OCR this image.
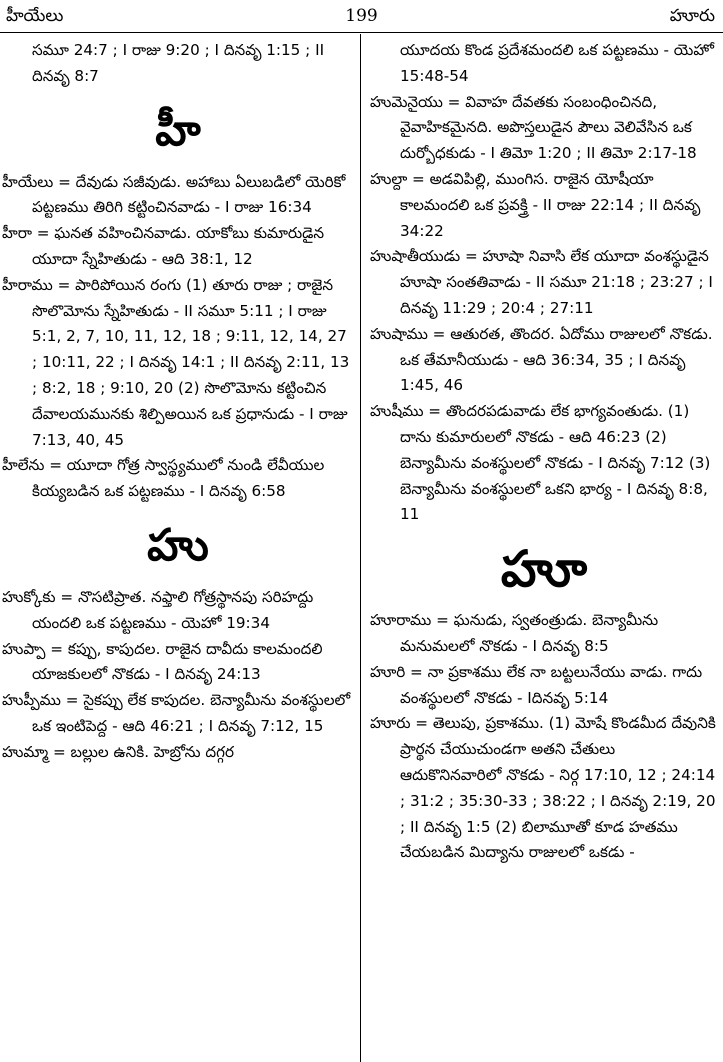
హీయేలు	199	హూరు

సమూ 24:7 ; I రాజు 9:20 ; I దినవృ 1:15 ; II దినవృ 8:7

హీ

హీయేలు = దేవుడు సజీవుడు. అహాబు ఏలుబడిలో యెరికో పట్టణము తిరిగి కట్టించినవాడు - I రాజు 16:34

హీరా = ఘనత వహించినవాడు. యాకోబు కుమారుడైన యూదా స్నేహితుడు - ఆది 38:1, 12

హీరాము = పారిపోయిన రంగు (1) తూరు రాజు ; రాజైన సొలొమోను స్నేహితుడు - II సమూ 5:11 ; I రాజు 5:1, 2, 7, 10, 11, 12, 18 ; 9:11, 12, 14, 27 ; 10:11, 22 ; I దినవృ 14:1 ; II దినవృ 2:11, 13 ; 8:2, 18 ; 9:10, 20 (2) సొలొమోను కట్టించిన దేవాలయమునకు శిల్పిఅయిన ఒక ప్రధానుడు - I రాజు 7:13, 40, 45

హీలేను = యూదా గోత్ర స్వాస్థ్యములో నుండి లేవీయుల కియ్యబడిన ఒక పట్టణము - I దినవృ 6:58

హు

హుక్కోకు = నొసటిప్రాత. నఫ్తాలి గోత్రస్థానపు సరిహద్దు యందలి ఒక పట్టణము - యెహో 19:34

హుప్పా = కప్పు, కాపుదల. రాజైన దావీదు కాలమందలి యాజకులలో నొకడు - I దినవృ 24:13

హుప్పీము = సైకప్పు లేక కాపుదల. బెన్యామీను వంశస్థులలో ఒక ఇంటిపెద్ద - ఆది 46:21 ; I దినవృ 7:12, 15

హుమ్మా = బల్లుల ఉనికి. హెబ్రోను దగ్గర

యూదయ కొండ ప్రదేశమందలి ఒక పట్టణము - యెహో 15:48-54

హుమెనైయు = వివాహ దేవతకు సంబంధించినది, వైవాహికమైనది. అపొస్తలుడైన పౌలు వెలివేసిన ఒక దుర్బోధకుడు - I తిమో 1:20 ; II తిమో 2:17-18

హుల్దా = అడవిపిల్లి, ముంగిస. రాజైన యోషీయా కాలమందలి ఒక ప్రవక్త్రి - II రాజు 22:14 ; II దినవృ 34:22

హుషాతీయుడు = హూషా నివాసి లేక యూదా వంశస్థుడైన హూషా సంతతివాడు - II సమూ 21:18 ; 23:27 ; I దినవృ 11:29 ; 20:4 ; 27:11

హుషాము = ఆతురత, తొందర. ఏదోము రాజులలో నొకడు. ఒక తేమానీయుడు - ఆది 36:34, 35 ; I దినవృ 1:45, 46

హుషీము = తొందరపడువాడు లేక భాగ్యవంతుడు. (1) దాను కుమారులలో నొకడు - ఆది 46:23 (2) బెన్యామీను వంశస్థులలో నొకడు - I దినవృ 7:12 (3) బెన్యామీను వంశస్థులలో ఒకని భార్య - I దినవృ 8:8, 11

హూ

హూరాము = ఘనుడు, స్వతంత్రుడు. బెన్యామీను మనుమలలో నొకడు - I దినవృ 8:5

హూరి = నా ప్రకాశము లేక నా బట్టలునేయు వాడు. గాదు వంశస్థులలో నొకడు - Iదినవృ 5:14

హూరు = తెలుపు, ప్రకాశము. (1) మోషే కొండమీద దేవునికి ప్రార్థన చేయుచుండగా అతని చేతులు ఆదుకొనినవారిలో నొకడు - నిర్గ 17:10, 12 ; 24:14 ; 31:2 ; 35:30-33 ; 38:22 ; I దినవృ 2:19, 20 ; II దినవృ 1:5 (2) బిలామూతో కూడ హతము చేయబడిన మిద్యాను రాజులలో ఒకడు -
